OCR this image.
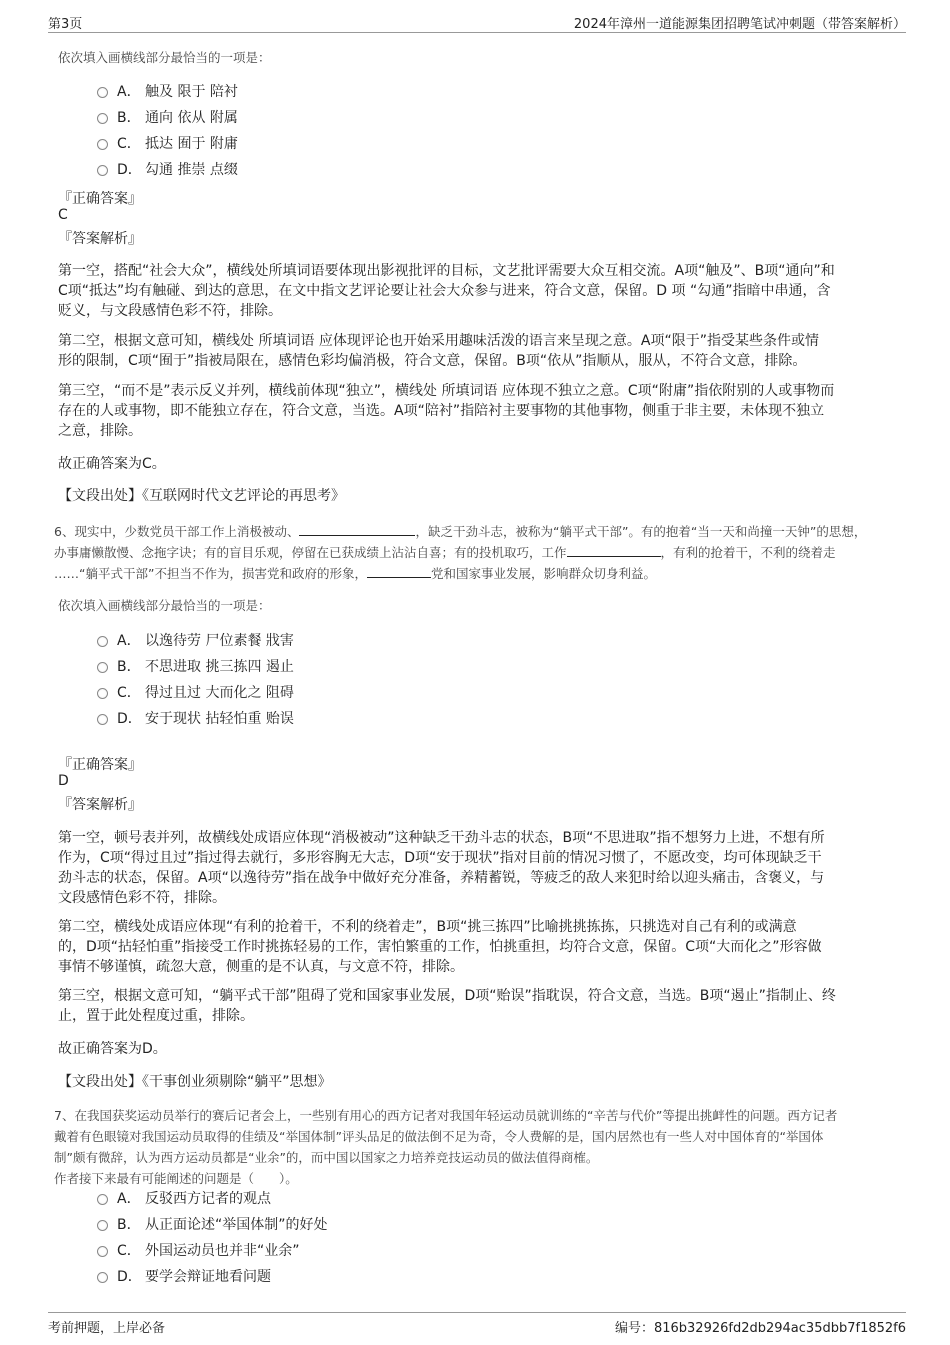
第3页	2024年漳州一道能源集团招聘笔试冲刺题（带答案解析）
依次填入画横线部分最恰当的一项是：
A． 触及 限于 陪衬
B． 通向 依从 附属
C． 抵达 囿于 附庸
D． 勾通 推崇 点缀
『正确答案』
C
『答案解析』
第一空，搭配“社会大众”，横线处所填词语要体现出影视批评的目标，文艺批评需要大众互相交流。A项“触及”、B项“通向”和
C项“抵达”均有触碰、到达的意思，在文中指文艺评论要让社会大众参与进来，符合文意，保留。D 项 “勾通”指暗中串通，含
贬义，与文段感情色彩不符，排除。
第二空，根据文意可知，横线处 所填词语 应体现评论也开始采用趣味活泼的语言来呈现之意。A项“限于”指受某些条件或情
形的限制，C项“囿于”指被局限在，感情色彩均偏消极，符合文意，保留。B项“依从”指顺从，服从，不符合文意，排除。
第三空，“而不是”表示反义并列，横线前体现“独立”，横线处 所填词语 应体现不独立之意。C项“附庸”指依附别的人或事物而
存在的人或事物，即不能独立存在，符合文意，当选。A项“陪衬”指陪衬主要事物的其他事物，侧重于非主要，未体现不独立
之意，排除。
故正确答案为C。
【文段出处】《互联网时代文艺评论的再思考》
6、现实中，少数党员干部工作上消极被动、	，缺乏干劲斗志，被称为“躺平式干部”。有的抱着“当一天和尚撞一天钟”的思想，
办事庸懒散慢、念拖字诀；有的盲目乐观，停留在已获成绩上沾沾自喜；有的投机取巧，工作	，有利的抢着干，不利的绕着走
……“躺平式干部”不担当不作为，损害党和政府的形象，	党和国家事业发展，影响群众切身利益。
依次填入画横线部分最恰当的一项是：
A． 以逸待劳 尸位素餐 戕害
B． 不思进取 挑三拣四 遏止
C． 得过且过 大而化之 阻碍
D． 安于现状 拈轻怕重 贻误
『正确答案』
D
『答案解析』
第一空，顿号表并列，故横线处成语应体现“消极被动”这种缺乏干劲斗志的状态，B项“不思进取”指不想努力上进，不想有所
作为，C项“得过且过”指过得去就行，多形容胸无大志，D项“安于现状”指对目前的情况习惯了，不愿改变，均可体现缺乏干
劲斗志的状态，保留。A项“以逸待劳”指在战争中做好充分准备，养精蓄锐，等疲乏的敌人来犯时给以迎头痛击，含褒义，与
文段感情色彩不符，排除。
第二空，横线处成语应体现“有利的抢着干，不利的绕着走”，B项“挑三拣四”比喻挑挑拣拣，只挑选对自己有利的或满意
的，D项“拈轻怕重”指接受工作时挑拣轻易的工作，害怕繁重的工作，怕挑重担，均符合文意，保留。C项“大而化之”形容做
事情不够谨慎，疏忽大意，侧重的是不认真，与文意不符，排除。
第三空，根据文意可知，“躺平式干部”阻碍了党和国家事业发展，D项“贻误”指耽误，符合文意，当选。B项“遏止”指制止、终
止，置于此处程度过重，排除。
故正确答案为D。
【文段出处】《干事创业须剔除“躺平”思想》
7、在我国获奖运动员举行的赛后记者会上，一些别有用心的西方记者对我国年轻运动员就训练的“辛苦与代价”等提出挑衅性的问题。西方记者
戴着有色眼镜对我国运动员取得的佳绩及“举国体制”评头品足的做法倒不足为奇，令人费解的是，国内居然也有一些人对中国体育的“举国体
制”颇有微辞，认为西方运动员都是“业余”的，而中国以国家之力培养竞技运动员的做法值得商榷。
作者接下来最有可能阐述的问题是（　　）。
A． 反驳西方记者的观点
B． 从正面论述“举国体制”的好处
C． 外国运动员也并非“业余”
D． 要学会辩证地看问题
考前押题，上岸必备	编号：816b32926fd2db294ac35dbb7f1852f6
